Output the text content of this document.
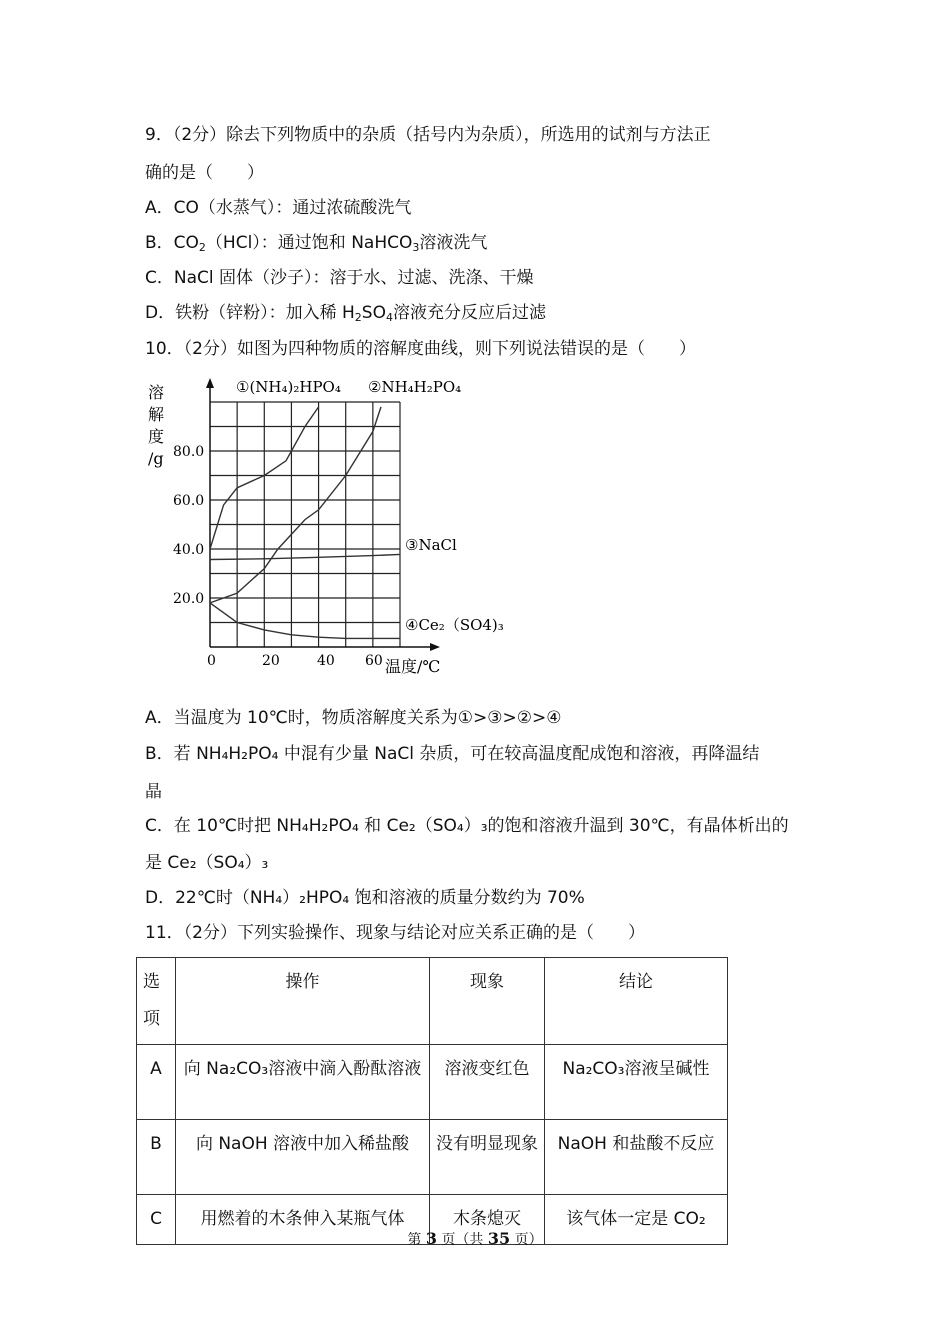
9．（2分）除去下列物质中的杂质（括号内为杂质），所选用的试剂与方法正
确的是（　　）
A．CO（水蒸气）：通过浓硫酸洗气
B．$CO_2(HCl)$：通过饱和 NaHCO$_3$溶液洗气
C．NaCl 固体（沙子）：溶于水、过滤、洗涤、干燥
D．铁粉（锌粉）：加入稀 $H_2SO_4$溶液充分反应后过滤
10．（2分）如图为四种物质的溶解度曲线，则下列说法错误的是（　　）
溶
解
度
/g
20.0
40.0
60.0
80.0
0	20	40 60 温度/℃
①(NH₄)₂HPO₄ ②NH₄H₂PO₄
③NaCl
④Ce₂（SO4)₃
A．当温度为 10℃时，物质溶解度关系为①>③>②>④
B．若 NH₄H₂PO₄ 中混有少量 NaCl 杂质，可在较高温度配成饱和溶液，再降温结
晶
C．在 10℃时把 NH₄H₂PO₄ 和 Ce₂（SO₄）₃的饱和溶液升温到 30℃，有晶体析出的
是 Ce₂（SO₄）₃
D．22℃时（NH₄）₂HPO₄ 饱和溶液的质量分数约为 70%
11．（2分）下列实验操作、现象与结论对应关系正确的是（　　）
选项	操作	现象	结论
A	向 Na₂CO₃溶液中滴入酚酞溶液	溶液变红色	Na₂CO₃溶液呈碱性
B	向 NaOH 溶液中加入稀盐酸	没有明显现象	NaOH 和盐酸不反应
C	用燃着的木条伸入某瓶气体	木条熄灭	该气体一定是 CO₂
第 3 页（共 35 页）
